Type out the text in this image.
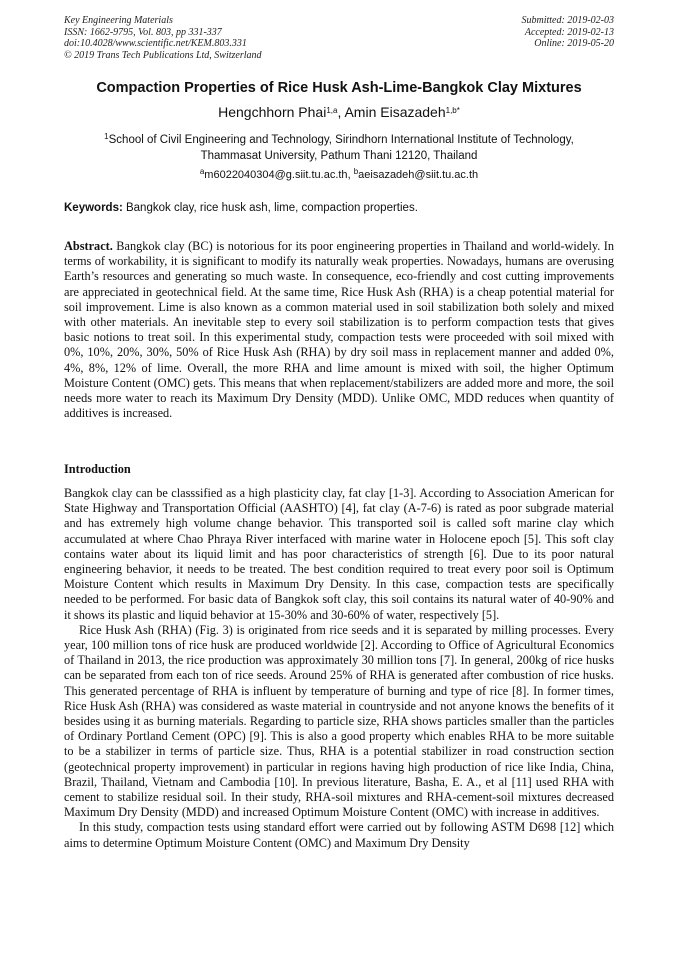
Key Engineering Materials
ISSN: 1662-9795, Vol. 803, pp 331-337
doi:10.4028/www.scientific.net/KEM.803.331
© 2019 Trans Tech Publications Ltd, Switzerland
Submitted: 2019-02-03
Accepted: 2019-02-13
Online: 2019-05-20
Compaction Properties of Rice Husk Ash-Lime-Bangkok Clay Mixtures
Hengchhorn Phai$^{1,a}$, Amin Eisazadeh$^{1,b*}$
$^1$School of Civil Engineering and Technology, Sirindhorn International Institute of Technology,
Thammasat University, Pathum Thani 12120, Thailand
$^a$m6022040304@g.siit.tu.ac.th, $^b$aeisazadeh@siit.tu.ac.th
Keywords: Bangkok clay, rice husk ash, lime, compaction properties.

Abstract. Bangkok clay (BC) is notorious for its poor engineering properties in Thailand and world-widely. In terms of workability, it is significant to modify its naturally weak properties. Nowadays, humans are overusing Earth’s resources and generating so much waste. In consequence, eco-friendly and cost cutting improvements are appreciated in geotechnical field. At the same time, Rice Husk Ash (RHA) is a cheap potential material for soil improvement. Lime is also known as a common material used in soil stabilization both solely and mixed with other materials. An inevitable step to every soil stabilization is to perform compaction tests that gives basic notions to treat soil. In this experimental study, compaction tests were proceeded with soil mixed with 0%, 10%, 20%, 30%, 50% of Rice Husk Ash (RHA) by dry soil mass in replacement manner and added 0%, 4%, 8%, 12% of lime. Overall, the more RHA and lime amount is mixed with soil, the higher Optimum Moisture Content (OMC) gets. This means that when replacement/stabilizers are added more and more, the soil needs more water to reach its Maximum Dry Density (MDD). Unlike OMC, MDD reduces when quantity of additives is increased.

Introduction

Bangkok clay can be classsified as a high plasticity clay, fat clay [1-3]. According to Association American for State Highway and Transportation Official (AASHTO) [4], fat clay (A-7-6) is rated as poor subgrade material and has extremely high volume change behavior. This transported soil is called soft marine clay which accumulated at where Chao Phraya River interfaced with marine water in Holocene epoch [5]. This soft clay contains water about its liquid limit and has poor characteristics of strength [6]. Due to its poor natural engineering behavior, it needs to be treated. The best condition required to treat every poor soil is Optimum Moisture Content which results in Maximum Dry Density. In this case, compaction tests are specifically needed to be performed. For basic data of Bangkok soft clay, this soil contains its natural water of 40-90% and it shows its plastic and liquid behavior at 15-30% and 30-60% of water, respectively [5].

Rice Husk Ash (RHA) (Fig. 3) is originated from rice seeds and it is separated by milling processes. Every year, 100 million tons of rice husk are produced worldwide [2]. According to Office of Agricultural Economics of Thailand in 2013, the rice production was approximately 30 million tons [7]. In general, 200kg of rice husks can be separated from each ton of rice seeds. Around 25% of RHA is generated after combustion of rice husks. This generated percentage of RHA is influent by temperature of burning and type of rice [8]. In former times, Rice Husk Ash (RHA) was considered as waste material in countryside and not anyone knows the benefits of it besides using it as burning materials. Regarding to particle size, RHA shows particles smaller than the particles of Ordinary Portland Cement (OPC) [9]. This is also a good property which enables RHA to be more suitable to be a stabilizer in terms of particle size. Thus, RHA is a potential stabilizer in road construction section (geotechnical property improvement) in particular in regions having high production of rice like India, China, Brazil, Thailand, Vietnam and Cambodia [10]. In previous literature, Basha, E. A., et al [11] used RHA with cement to stabilize residual soil. In their study, RHA-soil mixtures and RHA-cement-soil mixtures decreased Maximum Dry Density (MDD) and increased Optimum Moisture Content (OMC) with increase in additives.

In this study, compaction tests using standard effort were carried out by following ASTM D698 [12] which aims to determine Optimum Moisture Content (OMC) and Maximum Dry Density
